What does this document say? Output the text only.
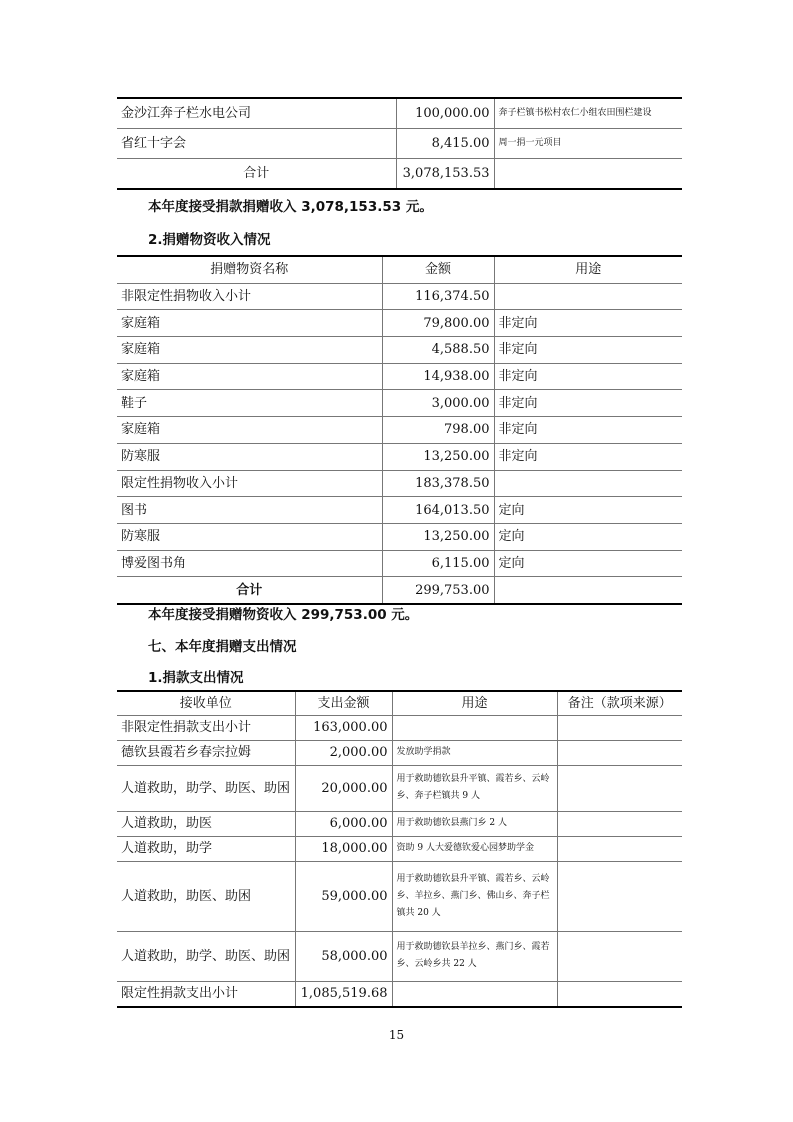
金沙江奔子栏水电公司	100,000.00	奔子栏镇书松村农仁小组农田围栏建设
省红十字会	8,415.00	周一捐一元项目
合计	3,078,153.53	
本年度接受捐款捐赠收入 3,078,153.53 元。
2.捐赠物资收入情况
捐赠物资名称	金额	用途
非限定性捐物收入小计	116,374.50	
家庭箱	79,800.00	非定向
家庭箱	4,588.50	非定向
家庭箱	14,938.00	非定向
鞋子	3,000.00	非定向
家庭箱	798.00	非定向
防寒服	13,250.00	非定向
限定性捐物收入小计	183,378.50	
图书	164,013.50	定向
防寒服	13,250.00	定向
博爱图书角	6,115.00	定向
合计	299,753.00	
本年度接受捐赠物资收入 299,753.00 元。
七、本年度捐赠支出情况
1.捐款支出情况
接收单位	支出金额	用途	备注（款项来源）
非限定性捐款支出小计	163,000.00		
德钦县霞若乡春宗拉姆	2,000.00	发放助学捐款	
人道救助，助学、助医、助困	20,000.00	用于救助德钦县升平镇、霞若乡、云岭乡、奔子栏镇共 9 人	
人道救助，助医	6,000.00	用于救助德钦县燕门乡 2 人	
人道救助，助学	18,000.00	资助 9 人大爱德钦爱心园梦助学金	
人道救助，助医、助困	59,000.00	用于救助德钦县升平镇、霞若乡、云岭乡、羊拉乡、燕门乡、佛山乡、奔子栏镇共 20 人	
人道救助，助学、助医、助困	58,000.00	用于救助德钦县羊拉乡、燕门乡、霞若乡、云岭乡共 22 人	
限定性捐款支出小计	1,085,519.68		
15
